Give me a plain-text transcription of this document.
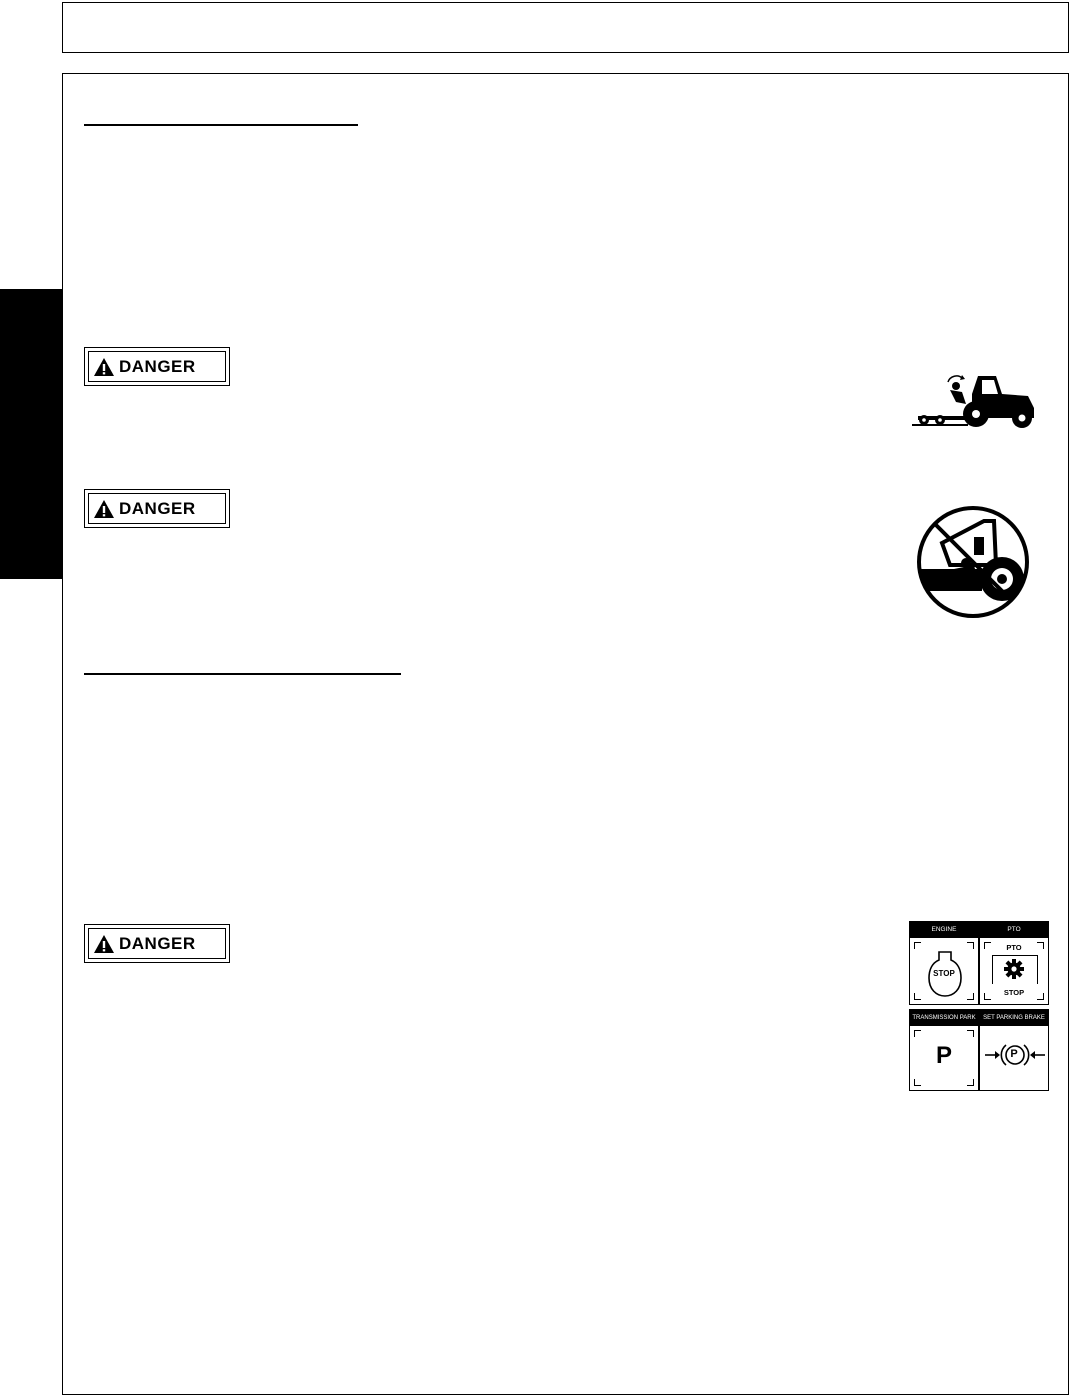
DANGER
DANGER
DANGER
ENGINE
STOP
PTO
PTO
STOP
TRANSMISSION PARK
P
SET PARKING BRAKE
P
